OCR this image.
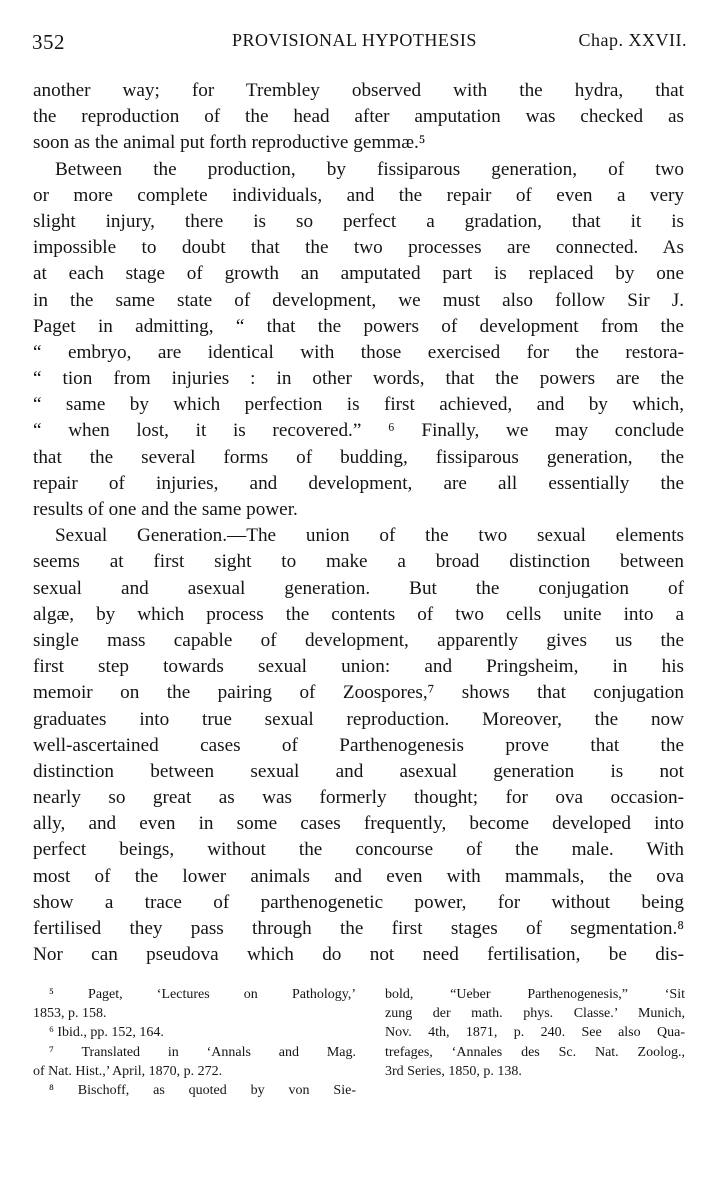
352	PROVISIONAL HYPOTHESIS	Chap. XXVII.
another way; for Trembley observed with the hydra, that
the reproduction of the head after amputation was checked as
soon as the animal put forth reproductive gemmæ.⁵
Between the production, by fissiparous generation, of two
or more complete individuals, and the repair of even a very
slight injury, there is so perfect a gradation, that it is
impossible to doubt that the two processes are connected. As
at each stage of growth an amputated part is replaced by one
in the same state of development, we must also follow Sir J.
Paget in admitting, “ that the powers of development from the
“ embryo, are identical with those exercised for the restora-
“ tion from injuries : in other words, that the powers are the
“ same by which perfection is first achieved, and by which,
“ when lost, it is recovered.” ⁶ Finally, we may conclude
that the several forms of budding, fissiparous generation, the
repair of injuries, and development, are all essentially the
results of one and the same power.
Sexual Generation.—The union of the two sexual elements
seems at first sight to make a broad distinction between
sexual and asexual generation. But the conjugation of
algæ, by which process the contents of two cells unite into a
single mass capable of development, apparently gives us the
first step towards sexual union: and Pringsheim, in his
memoir on the pairing of Zoospores,⁷ shows that conjugation
graduates into true sexual reproduction. Moreover, the now
well-ascertained cases of Parthenogenesis prove that the
distinction between sexual and asexual generation is not
nearly so great as was formerly thought; for ova occasion-
ally, and even in some cases frequently, become developed into
perfect beings, without the concourse of the male. With
most of the lower animals and even with mammals, the ova
show a trace of parthenogenetic power, for without being
fertilised they pass through the first stages of segmentation.⁸
Nor can pseudova which do not need fertilisation, be dis-
⁵ Paget, ‘Lectures on Pathology,’
1853, p. 158.
⁶ Ibid., pp. 152, 164.
⁷ Translated in ‘Annals and Mag.
of Nat. Hist.,’ April, 1870, p. 272.
⁸ Bischoff, as quoted by von Sie-
bold, “Ueber Parthenogenesis,” ‘Sit
zung der math. phys. Classe.’ Munich,
Nov. 4th, 1871, p. 240. See also Qua-
trefages, ‘Annales des Sc. Nat. Zoolog.,
3rd Series, 1850, p. 138.
